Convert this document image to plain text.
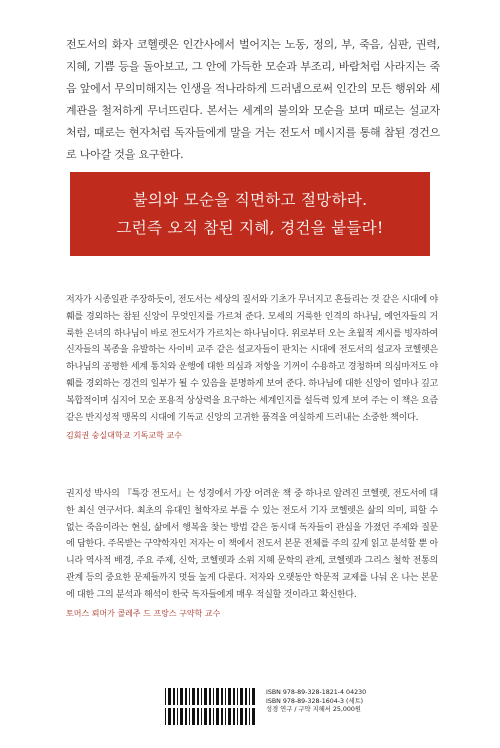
전도서의 화자 코헬렛은 인간사에서 벌어지는 노동, 정의, 부, 죽음, 심판, 권력, 지혜, 기쁨 등을 돌아보고, 그 안에 가득한 모순과 부조리, 바람처럼 사라지는 죽음 앞에서 무의미해지는 인생을 적나라하게 드러냄으로써 인간의 모든 행위와 세계관을 철저하게 무너뜨린다. 본서는 세계의 불의와 모순을 보며 때로는 설교자처럼, 때로는 현자처럼 독자들에게 말을 거는 전도서 메시지를 통해 참된 경건으로 나아갈 것을 요구한다.
불의와 모순을 직면하고 절망하라.
그런즉 오직 참된 지혜, 경건을 붙들라!
저자가 시종일관 주장하듯이, 전도서는 세상의 질서와 기초가 무너지고 흔들리는 것 같은 시대에 야훼를 경외하는 참된 신앙이 무엇인지를 가르쳐 준다. 모세의 거룩한 인격의 하나님, 예언자들의 거룩한 은녀의 하나님이 바로 전도서가 가르치는 하나님이다. 위로부터 오는 초월적 계시를 빙자하여 신자들의 복종을 유발하는 사이비 교주 같은 설교자들이 판치는 시대에 전도서의 설교자 코헬렛은 하나님의 공평한 세계 통치와 운행에 대한 의심과 저항을 기꺼이 수용하고 경청하며 의심마저도 야훼를 경외하는 경건의 일부가 될 수 있음을 분명하게 보여 준다. 하나님에 대한 신앙이 얼마나 깊고 복합적이며 심지어 모순 포용적 상상력을 요구하는 세계인지를 설득력 있게 보여 주는 이 책은 요즘 같은 반지성적 맹목의 시대에 기독교 신앙의 고귀한 품격을 여실하게 드러내는 소중한 책이다.
김회권 숭실대학교 기독교학 교수
권지성 박사의 『특강 전도서』는 성경에서 가장 어려운 책 중 하나로 알려진 코헬렛, 전도서에 대한 최신 연구서다. 최초의 유대인 철학자로 부를 수 있는 전도서 기자 코헬렛은 삶의 의미, 피할 수 없는 죽음이라는 현실, 삶에서 행복을 찾는 방법 같은 동시대 독자들이 관심을 가졌던 주제와 질문에 답한다. 주목받는 구약학자인 저자는 이 책에서 전도서 본문 전체를 주의 깊게 읽고 분석할 뿐 아니라 역사적 배경, 주요 주제, 신학, 코헬렛과 소위 지혜 문학의 관계, 코헬렛과 그리스 철학 전통의 관계 등의 중요한 문제들까지 멋들 높게 다룬다. 저자와 오랫동안 학문적 교제를 나눠 온 나는 본문에 대한 그의 분석과 해석이 한국 독자들에게 매우 적실할 것이라고 확신한다.
토머스 뢰머가 콜레주 드 프랑스 구약학 교수
ISBN 978-89-328-1821-4 04230
ISBN 978-89-328-1604-3 (세트)
성경 연구 / 구약 지혜서 25,000원
